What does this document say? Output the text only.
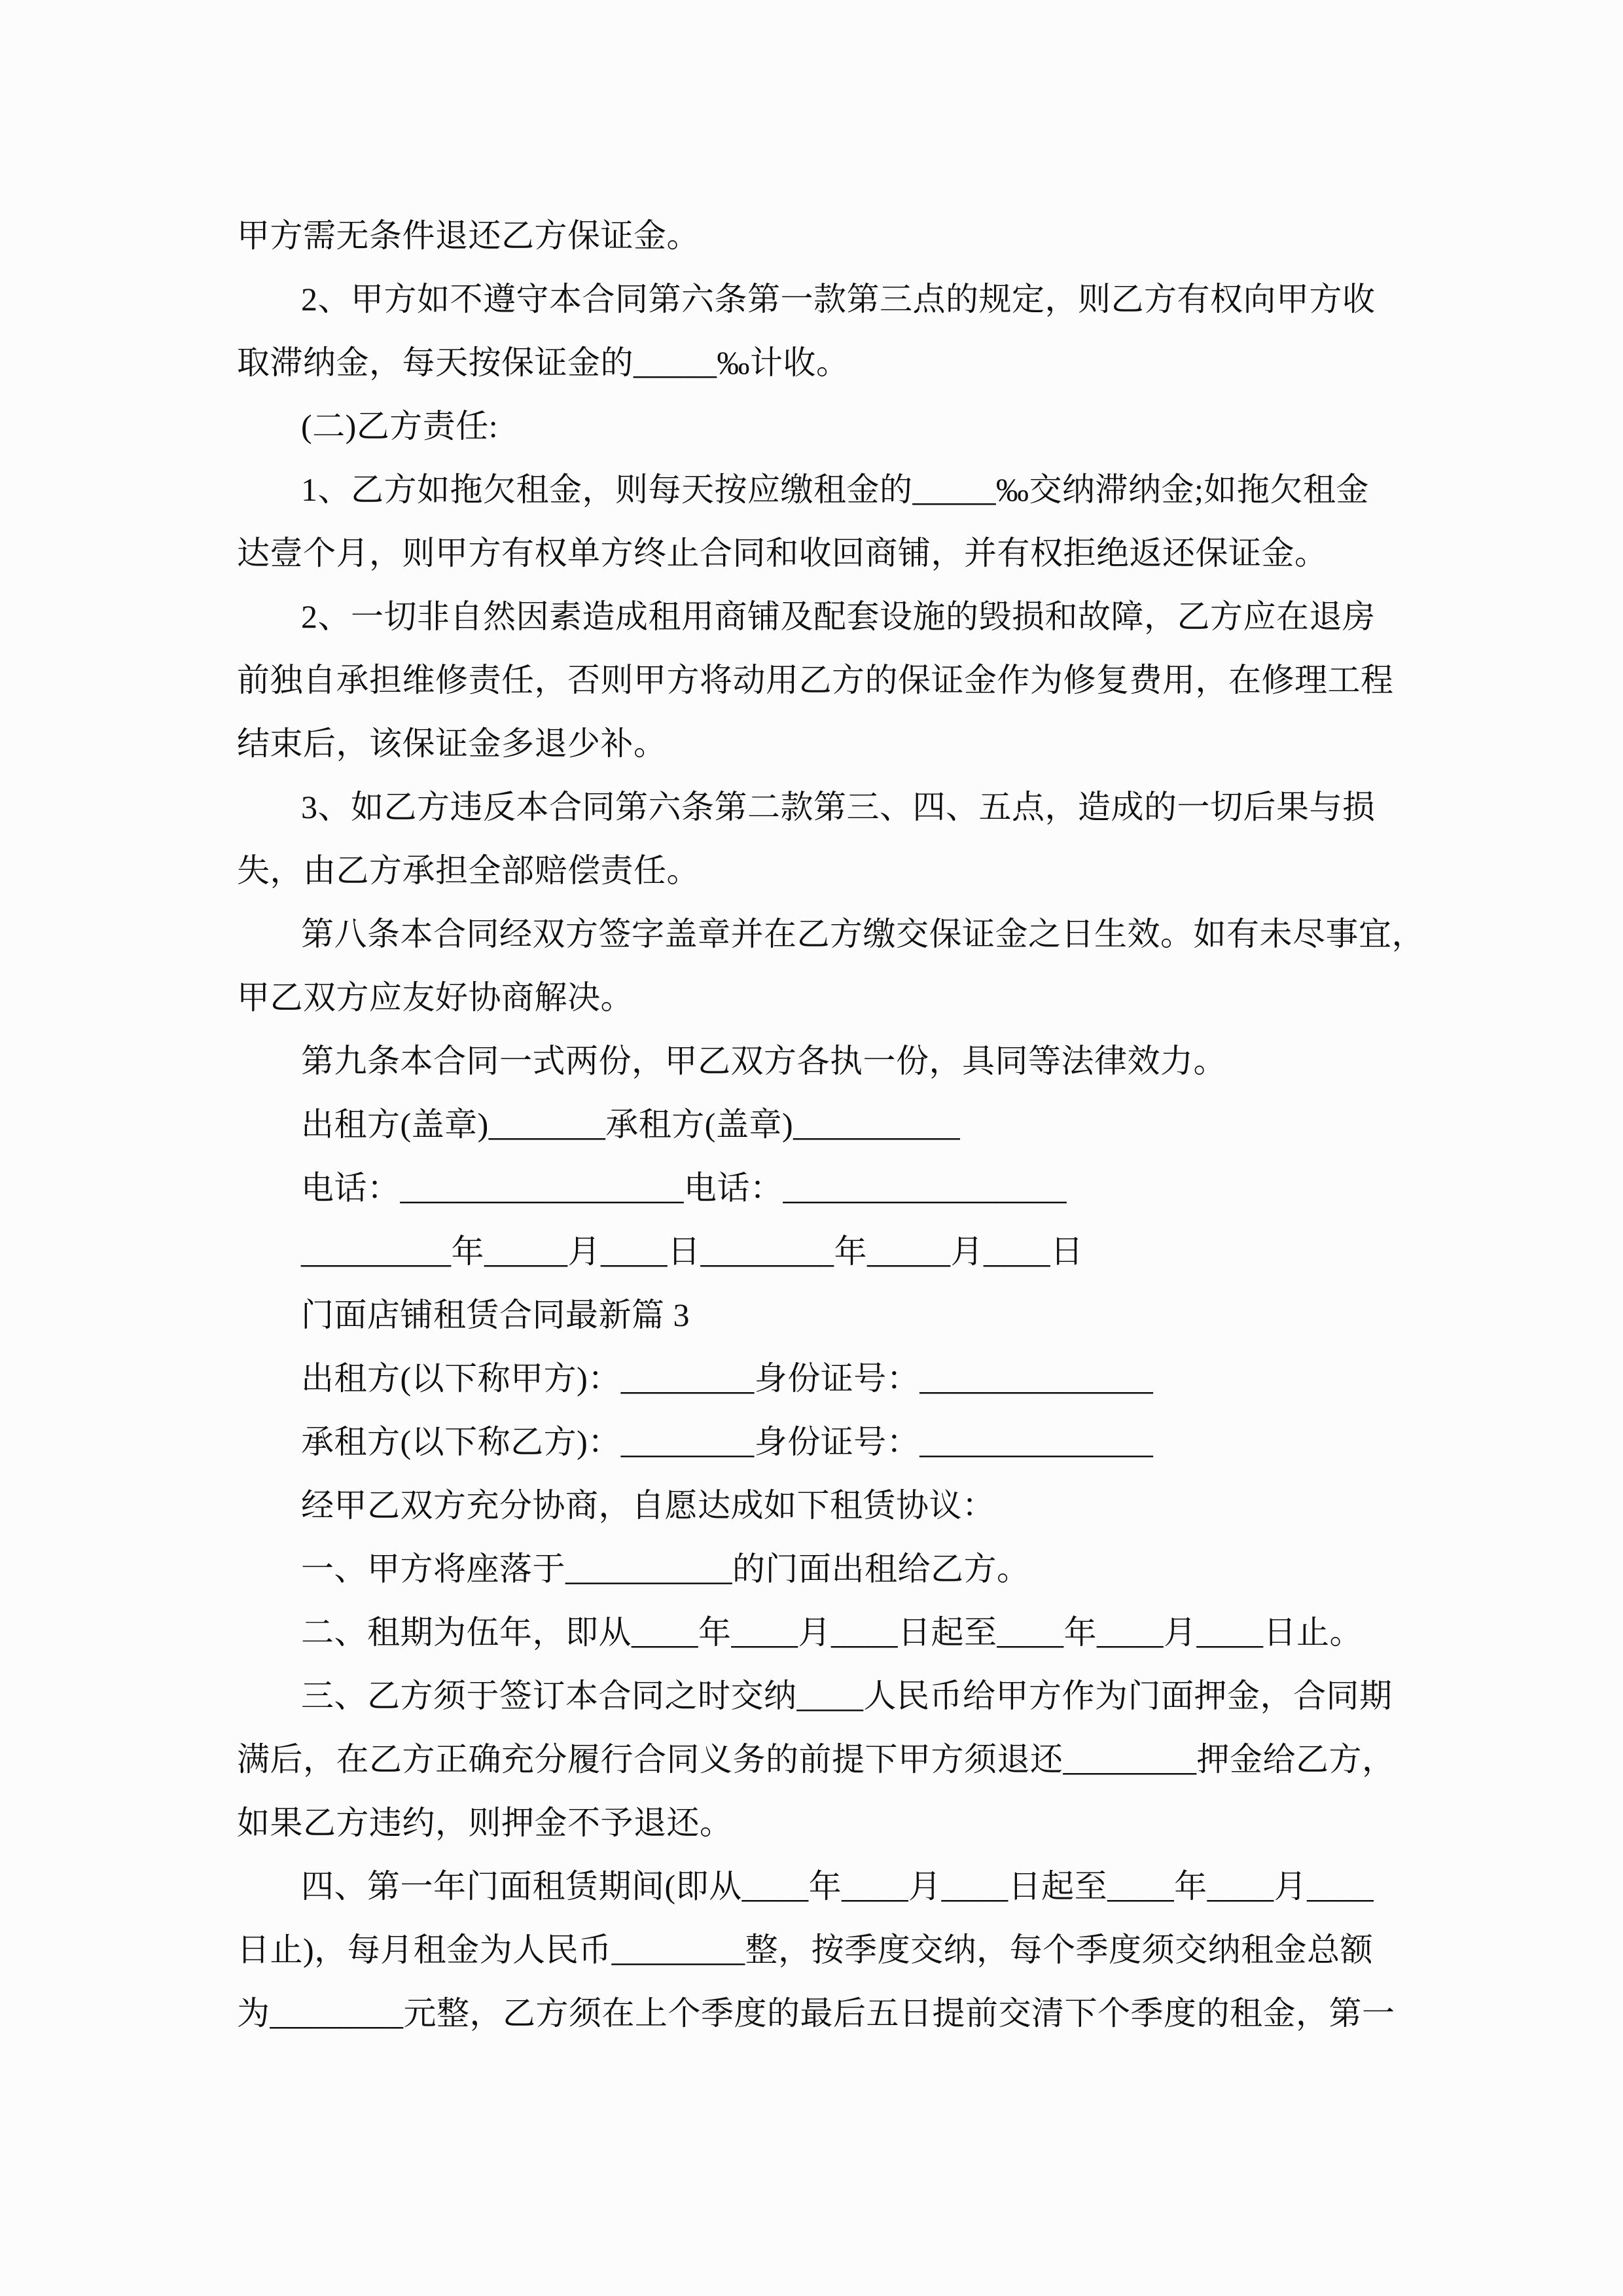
甲方需无条件退还乙方保证金。
2、甲方如不遵守本合同第六条第一款第三点的规定，则乙方有权向甲方收
取滞纳金，每天按保证金的_____‰计收。
(二)乙方责任:
1、乙方如拖欠租金，则每天按应缴租金的_____‰交纳滞纳金;如拖欠租金
达壹个月，则甲方有权单方终止合同和收回商铺，并有权拒绝返还保证金。
2、一切非自然因素造成租用商铺及配套设施的毁损和故障，乙方应在退房
前独自承担维修责任，否则甲方将动用乙方的保证金作为修复费用，在修理工程
结束后，该保证金多退少补。
3、如乙方违反本合同第六条第二款第三、四、五点，造成的一切后果与损
失，由乙方承担全部赔偿责任。
第八条本合同经双方签字盖章并在乙方缴交保证金之日生效。如有未尽事宜，
甲乙双方应友好协商解决。
第九条本合同一式两份，甲乙双方各执一份，具同等法律效力。
出租方(盖章)_______承租方(盖章)__________
电话：_________________电话：_________________
_________年_____月____日________年_____月____日
门面店铺租赁合同最新篇 3
出租方(以下称甲方)：________身份证号：______________
承租方(以下称乙方)：________身份证号：______________
经甲乙双方充分协商，自愿达成如下租赁协议：
一、甲方将座落于__________的门面出租给乙方。
二、租期为伍年，即从____年____月____日起至____年____月____日止。
三、乙方须于签订本合同之时交纳____人民币给甲方作为门面押金，合同期
满后，在乙方正确充分履行合同义务的前提下甲方须退还________押金给乙方，
如果乙方违约，则押金不予退还。
四、第一年门面租赁期间(即从____年____月____日起至____年____月____
日止)，每月租金为人民币________整，按季度交纳，每个季度须交纳租金总额
为________元整，乙方须在上个季度的最后五日提前交清下个季度的租金，第一
